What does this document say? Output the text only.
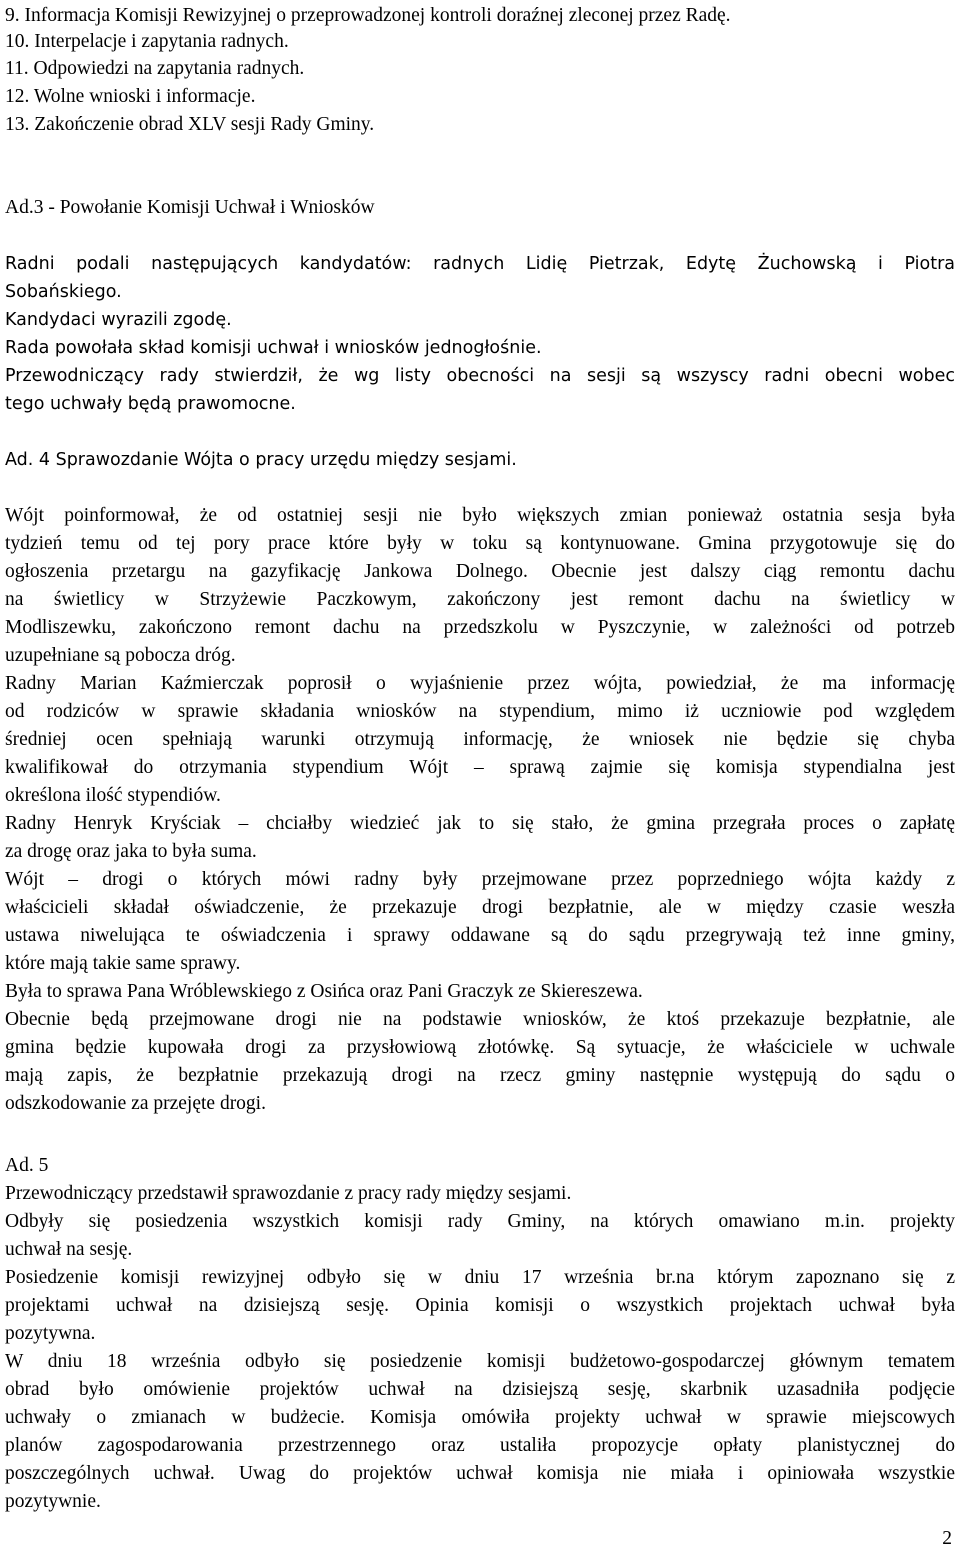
9. Informacja Komisji Rewizyjnej o przeprowadzonej kontroli doraźnej zleconej przez Radę.
10. Interpelacje i zapytania radnych.
11. Odpowiedzi na zapytania radnych.
12. Wolne wnioski i informacje.
13. Zakończenie obrad XLV sesji Rady Gminy.
Ad.3 - Powołanie Komisji Uchwał i Wniosków
Radni podali następujących kandydatów: radnych Lidię Pietrzak, Edytę Żuchowską i Piotra
Sobańskiego.
Kandydaci wyrazili zgodę.
Rada powołała skład komisji uchwał i wniosków jednogłośnie.
Przewodniczący rady stwierdził, że wg listy obecności na sesji są wszyscy radni obecni wobec
tego uchwały będą prawomocne.
Ad. 4 Sprawozdanie Wójta o pracy urzędu między sesjami.
Wójt poinformował, że od ostatniej sesji nie było większych zmian ponieważ ostatnia sesja była
tydzień temu od tej pory prace które były w toku są kontynuowane. Gmina przygotowuje się do
ogłoszenia przetargu na gazyfikację Jankowa Dolnego. Obecnie jest dalszy ciąg remontu dachu
na świetlicy w Strzyżewie Paczkowym, zakończony jest remont dachu na świetlicy w
Modliszewku, zakończono remont dachu na przedszkolu w Pyszczynie, w zależności od potrzeb
uzupełniane są pobocza dróg.
Radny Marian Kaźmierczak poprosił o wyjaśnienie przez wójta, powiedział, że ma informację
od rodziców w sprawie składania wniosków na stypendium, mimo iż uczniowie pod względem
średniej ocen spełniają warunki otrzymują informację, że wniosek nie będzie się chyba
kwalifikował do otrzymania stypendium Wójt – sprawą zajmie się komisja stypendialna jest
określona ilość stypendiów.
Radny Henryk Kryściak – chciałby wiedzieć jak to się stało, że gmina przegrała proces o zapłatę
za drogę oraz jaka to była suma.
Wójt – drogi o których mówi radny były przejmowane przez poprzedniego wójta każdy z
właścicieli składał oświadczenie, że przekazuje drogi bezpłatnie, ale w między czasie weszła
ustawa niwelująca te oświadczenia i sprawy oddawane są do sądu przegrywają też inne gminy,
które mają takie same sprawy.
Była to sprawa Pana Wróblewskiego z Osińca oraz Pani Graczyk ze Skiereszewa.
Obecnie będą przejmowane drogi nie na podstawie wniosków, że ktoś przekazuje bezpłatnie, ale
gmina będzie kupowała drogi za przysłowiową złotówkę. Są sytuacje, że właściciele w uchwale
mają zapis, że bezpłatnie przekazują drogi na rzecz gminy następnie występują do sądu o
odszkodowanie za przejęte drogi.
Ad. 5
Przewodniczący przedstawił sprawozdanie z pracy rady między sesjami.
Odbyły się posiedzenia wszystkich komisji rady Gminy, na których omawiano m.in. projekty
uchwał na sesję.
Posiedzenie komisji rewizyjnej odbyło się w dniu 17 września br.na którym zapoznano się z
projektami uchwał na dzisiejszą sesję. Opinia komisji o wszystkich projektach uchwał była
pozytywna.
W dniu 18 września odbyło się posiedzenie komisji budżetowo-gospodarczej głównym tematem
obrad było omówienie projektów uchwał na dzisiejszą sesję, skarbnik uzasadniła podjęcie
uchwały o zmianach w budżecie. Komisja omówiła projekty uchwał w sprawie miejscowych
planów zagospodarowania przestrzennego oraz ustaliła propozycje opłaty planistycznej do
poszczególnych uchwał. Uwag do projektów uchwał komisja nie miała i opiniowała wszystkie
pozytywnie.
2
